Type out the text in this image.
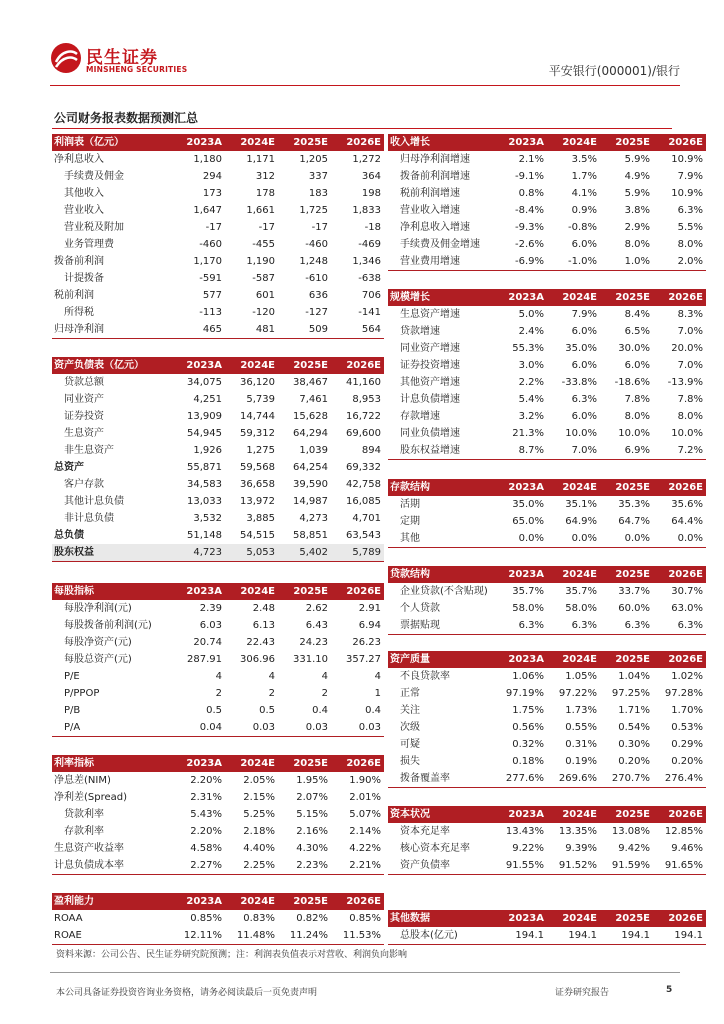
民生证券
MINSHENG SECURITIES	平安银行(000001)/银行
公司财务报表数据预测汇总
利润表（亿元）	2023A	2024E	2025E	2026E
净利息收入	1,180	1,171	1,205	1,272
手续费及佣金	294	312	337	364
其他收入	173	178	183	198
营业收入	1,647	1,661	1,725	1,833
营业税及附加	-17	-17	-17	-18
业务管理费	-460	-455	-460	-469
拨备前利润	1,170	1,190	1,248	1,346
计提拨备	-591	-587	-610	-638
税前利润	577	601	636	706
所得税	-113	-120	-127	-141
归母净利润	465	481	509	564
资产负债表（亿元）	2023A	2024E	2025E	2026E
贷款总额	34,075	36,120	38,467	41,160
同业资产	4,251	5,739	7,461	8,953
证券投资	13,909	14,744	15,628	16,722
生息资产	54,945	59,312	64,294	69,600
非生息资产	1,926	1,275	1,039	894
总资产	55,871	59,568	64,254	69,332
客户存款	34,583	36,658	39,590	42,758
其他计息负债	13,033	13,972	14,987	16,085
非计息负债	3,532	3,885	4,273	4,701
总负债	51,148	54,515	58,851	63,543
股东权益	4,723	5,053	5,402	5,789
每股指标	2023A	2024E	2025E	2026E
每股净利润(元)	2.39	2.48	2.62	2.91
每股拨备前利润(元)	6.03	6.13	6.43	6.94
每股净资产(元)	20.74	22.43	24.23	26.23
每股总资产(元)	287.91	306.96	331.10	357.27
P/E	4	4	4	4
P/PPOP	2	2	2	1
P/B	0.5	0.5	0.4	0.4
P/A	0.04	0.03	0.03	0.03
利率指标	2023A	2024E	2025E	2026E
净息差(NIM)	2.20%	2.05%	1.95%	1.90%
净利差(Spread)	2.31%	2.15%	2.07%	2.01%
贷款利率	5.43%	5.25%	5.15%	5.07%
存款利率	2.20%	2.18%	2.16%	2.14%
生息资产收益率	4.58%	4.40%	4.30%	4.22%
计息负债成本率	2.27%	2.25%	2.23%	2.21%
盈利能力	2023A	2024E	2025E	2026E
ROAA	0.85%	0.83%	0.82%	0.85%
ROAE	12.11%	11.48%	11.24%	11.53%
收入增长	2023A	2024E	2025E	2026E
归母净利润增速	2.1%	3.5%	5.9%	10.9%
拨备前利润增速	-9.1%	1.7%	4.9%	7.9%
税前利润增速	0.8%	4.1%	5.9%	10.9%
营业收入增速	-8.4%	0.9%	3.8%	6.3%
净利息收入增速	-9.3%	-0.8%	2.9%	5.5%
手续费及佣金增速	-2.6%	6.0%	8.0%	8.0%
营业费用增速	-6.9%	-1.0%	1.0%	2.0%
规模增长	2023A	2024E	2025E	2026E
生息资产增速	5.0%	7.9%	8.4%	8.3%
贷款增速	2.4%	6.0%	6.5%	7.0%
同业资产增速	55.3%	35.0%	30.0%	20.0%
证券投资增速	3.0%	6.0%	6.0%	7.0%
其他资产增速	2.2%	-33.8%	-18.6%	-13.9%
计息负债增速	5.4%	6.3%	7.8%	7.8%
存款增速	3.2%	6.0%	8.0%	8.0%
同业负债增速	21.3%	10.0%	10.0%	10.0%
股东权益增速	8.7%	7.0%	6.9%	7.2%
存款结构	2023A	2024E	2025E	2026E
活期	35.0%	35.1%	35.3%	35.6%
定期	65.0%	64.9%	64.7%	64.4%
其他	0.0%	0.0%	0.0%	0.0%
贷款结构	2023A	2024E	2025E	2026E
企业贷款(不含贴现)	35.7%	35.7%	33.7%	30.7%
个人贷款	58.0%	58.0%	60.0%	63.0%
票据贴现	6.3%	6.3%	6.3%	6.3%
资产质量	2023A	2024E	2025E	2026E
不良贷款率	1.06%	1.05%	1.04%	1.02%
正常	97.19%	97.22%	97.25%	97.28%
关注	1.75%	1.73%	1.71%	1.70%
次级	0.56%	0.55%	0.54%	0.53%
可疑	0.32%	0.31%	0.30%	0.29%
损失	0.18%	0.19%	0.20%	0.20%
拨备覆盖率	277.6%	269.6%	270.7%	276.4%
资本状况	2023A	2024E	2025E	2026E
资本充足率	13.43%	13.35%	13.08%	12.85%
核心资本充足率	9.22%	9.39%	9.42%	9.46%
资产负债率	91.55%	91.52%	91.59%	91.65%
其他数据	2023A	2024E	2025E	2026E
总股本(亿元)	194.1	194.1	194.1	194.1
资料来源：公司公告、民生证券研究院预测；注：利润表负值表示对营收、利润负向影响
本公司具备证券投资咨询业务资格，请务必阅读最后一页免责声明	证券研究报告	5
